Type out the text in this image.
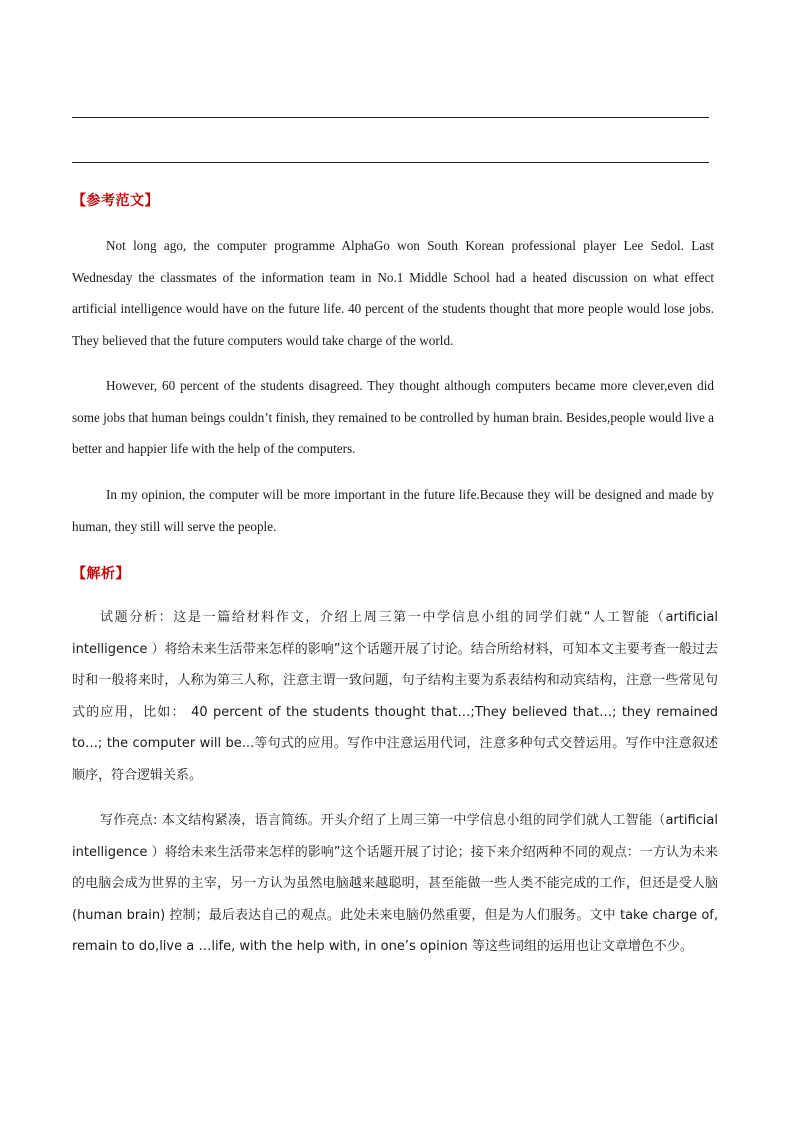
【参考范文】

Not long ago, the computer programme AlphaGo won South Korean professional player Lee Sedol. Last Wednesday the classmates of the information team in No.1 Middle School had a heated discussion on what effect artificial intelligence would have on the future life. 40 percent of the students thought that more people would lose jobs. They believed that the future computers would take charge of the world.

However, 60 percent of the students disagreed. They thought although computers became more clever,even did some jobs that human beings couldn’t finish, they remained to be controlled by human brain. Besides,people would live a better and happier life with the help of the computers.

In my opinion, the computer will be more important in the future life.Because they will be designed and made by human, they still will serve the people.

【解析】

试题分析：这是一篇给材料作文，介绍上周三第一中学信息小组的同学们就“人工智能（artificial intelligence ）将给未来生活带来怎样的影响”这个话题开展了讨论。结合所给材料，可知本文主要考查一般过去时和一般将来时，人称为第三人称，注意主谓一致问题，句子结构主要为系表结构和动宾结构，注意一些常见句式的应用，比如： 40 percent of the students thought that…;They believed that…; they remained to…; the computer will be...等句式的应用。写作中注意运用代词，注意多种句式交替运用。写作中注意叙述顺序，符合逻辑关系。

写作亮点: 本文结构紧凑，语言简练。开头介绍了上周三第一中学信息小组的同学们就人工智能（artificial intelligence ）将给未来生活带来怎样的影响”这个话题开展了讨论；接下来介绍两种不同的观点：一方认为未来的电脑会成为世界的主宰，另一方认为虽然电脑越来越聪明，甚至能做一些人类不能完成的工作，但还是受人脑 (human brain) 控制；最后表达自己的观点。此处未来电脑仍然重要，但是为人们服务。文中 take charge of, remain to do,live a …life, with the help with, in one’s opinion 等这些词组的运用也让文章增色不少。
